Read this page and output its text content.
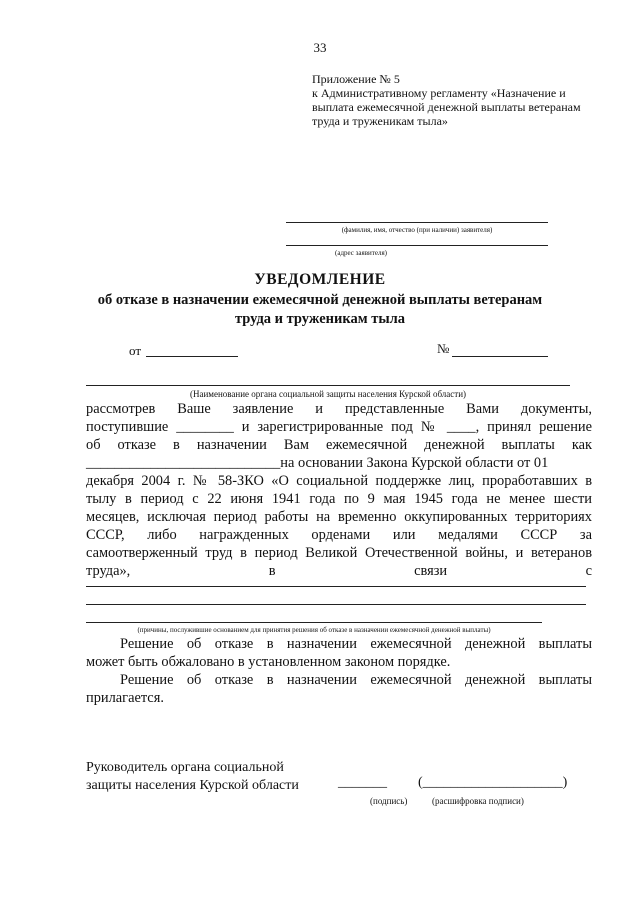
33
Приложение № 5
к Административному регламенту «Назначение и
выплата ежемесячной денежной выплаты ветеранам
труда и труженикам тыла»
(фамилия, имя, отчество (при наличии) заявителя)
(адрес заявителя)
УВЕДОМЛЕНИЕ
об отказе в назначении ежемесячной денежной выплаты ветеранам
труда и труженикам тыла
от	№
(Наименование органа социальной защиты населения Курской области)
рассмотрев Ваше заявление и представленные Вами документы,
поступившие ________ и зарегистрированные под № ____, принял решение
об отказе в назначении Вам ежемесячной денежной выплаты как
___________________________на основании Закона Курской области от 01
декабря 2004 г. № 58-ЗКО «О социальной поддержке лиц, проработавших в
тылу в период с 22 июня 1941 года по 9 мая 1945 года не менее шести
месяцев, исключая период работы на временно оккупированных территориях
СССР, либо награжденных орденами или медалями СССР за
самоотверженный труд в период Великой Отечественной войны, и ветеранов
труда»,	в	связи	с
(причины, послужившие основанием для принятия решения об отказе в назначении ежемесячной денежной выплаты)
Решение об отказе в назначении ежемесячной денежной выплаты
может быть обжаловано в установленном законом порядке.
Решение об отказе в назначении ежемесячной денежной выплаты
прилагается.
Руководитель органа социальной
защиты населения Курской области	_______ (____________________)
(подпись)	(расшифровка подписи)
